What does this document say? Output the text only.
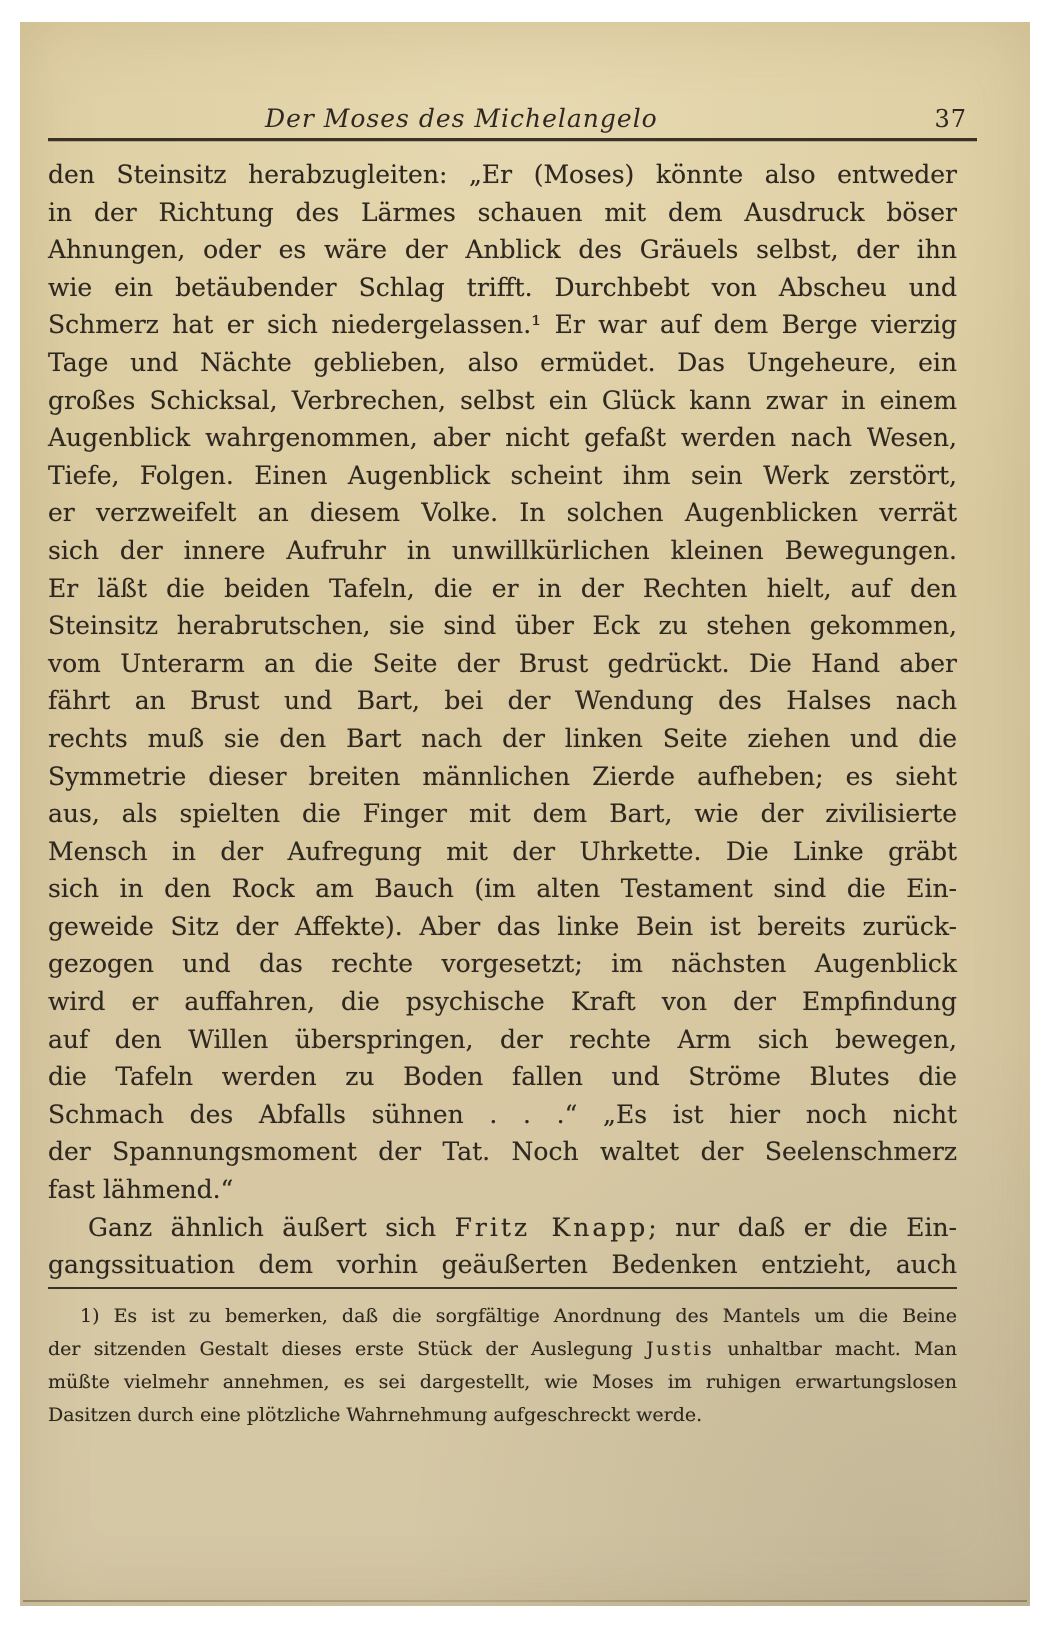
Der Moses des Michelangelo	37
den Steinsitz herabzugleiten: „Er (Moses) könnte also entweder
in der Richtung des Lärmes schauen mit dem Ausdruck böser
Ahnungen, oder es wäre der Anblick des Gräuels selbst, der ihn
wie ein betäubender Schlag trifft. Durchbebt von Abscheu und
Schmerz hat er sich niedergelassen.¹ Er war auf dem Berge vierzig
Tage und Nächte geblieben, also ermüdet. Das Ungeheure, ein
großes Schicksal, Verbrechen, selbst ein Glück kann zwar in einem
Augenblick wahrgenommen, aber nicht gefaßt werden nach Wesen,
Tiefe, Folgen. Einen Augenblick scheint ihm sein Werk zerstört,
er verzweifelt an diesem Volke. In solchen Augenblicken verrät
sich der innere Aufruhr in unwillkürlichen kleinen Bewegungen.
Er läßt die beiden Tafeln, die er in der Rechten hielt, auf den
Steinsitz herabrutschen, sie sind über Eck zu stehen gekommen,
vom Unterarm an die Seite der Brust gedrückt. Die Hand aber
fährt an Brust und Bart, bei der Wendung des Halses nach
rechts muß sie den Bart nach der linken Seite ziehen und die
Symmetrie dieser breiten männlichen Zierde aufheben; es sieht
aus, als spielten die Finger mit dem Bart, wie der zivilisierte
Mensch in der Aufregung mit der Uhrkette. Die Linke gräbt
sich in den Rock am Bauch (im alten Testament sind die Ein-
geweide Sitz der Affekte). Aber das linke Bein ist bereits zurück-
gezogen und das rechte vorgesetzt; im nächsten Augenblick
wird er auffahren, die psychische Kraft von der Empfindung
auf den Willen überspringen, der rechte Arm sich bewegen,
die Tafeln werden zu Boden fallen und Ströme Blutes die
Schmach des Abfalls sühnen . . .“ „Es ist hier noch nicht
der Spannungsmoment der Tat. Noch waltet der Seelenschmerz
fast lähmend.“
Ganz ähnlich äußert sich Fritz Knapp; nur daß er die Ein-
gangssituation dem vorhin geäußerten Bedenken entzieht, auch
1) Es ist zu bemerken, daß die sorgfältige Anordnung des Mantels um die Beine
der sitzenden Gestalt dieses erste Stück der Auslegung Justis unhaltbar macht. Man
müßte vielmehr annehmen, es sei dargestellt, wie Moses im ruhigen erwartungslosen
Dasitzen durch eine plötzliche Wahrnehmung aufgeschreckt werde.
